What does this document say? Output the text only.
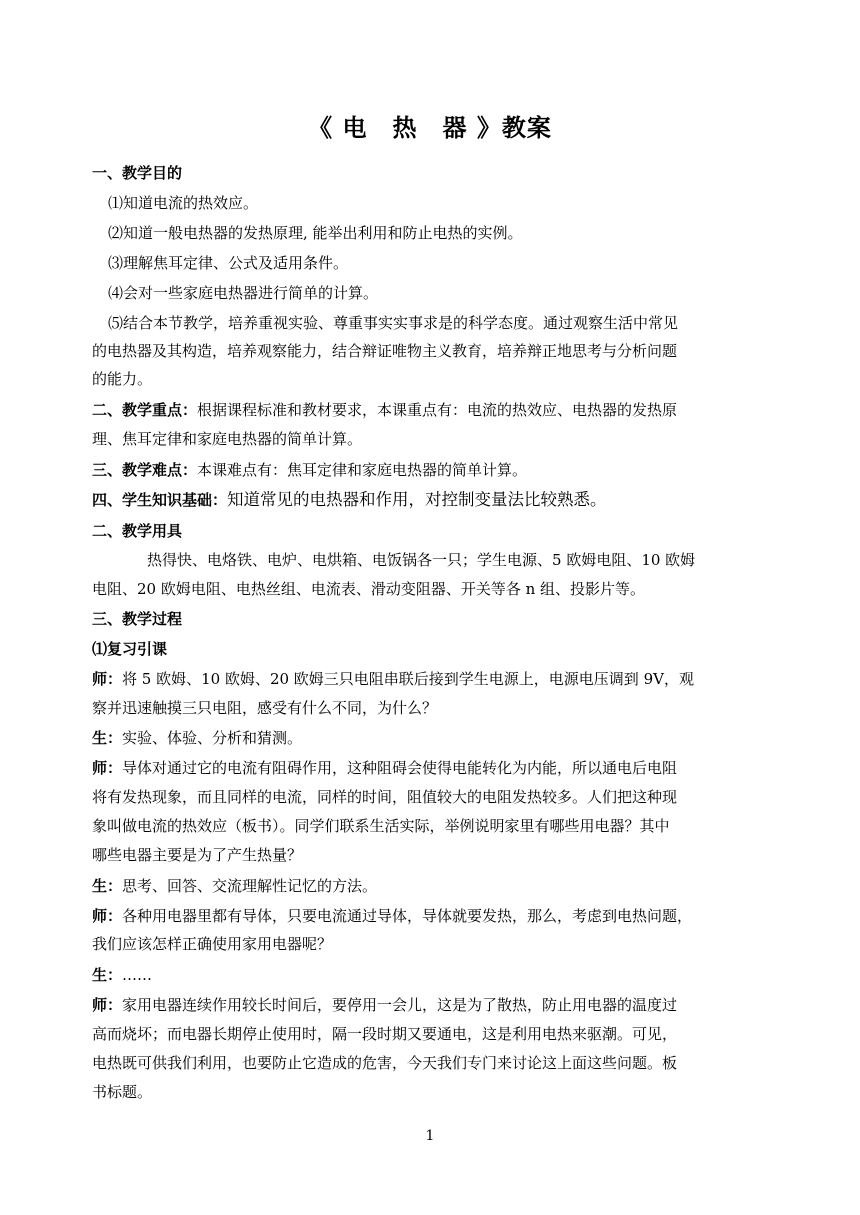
《 电　热　器 》教案
一、教学目的
⑴知道电流的热效应。
⑵知道一般电热器的发热原理, 能举出利用和防止电热的实例。
⑶理解焦耳定律、公式及适用条件。
⑷会对一些家庭电热器进行简单的计算。
⑸结合本节教学，培养重视实验、尊重事实实事求是的科学态度。通过观察生活中常见
的电热器及其构造，培养观察能力，结合辩证唯物主义教育，培养辩正地思考与分析问题
的能力。
二、教学重点：根据课程标准和教材要求，本课重点有：电流的热效应、电热器的发热原
理、焦耳定律和家庭电热器的简单计算。
三、教学难点：本课难点有：焦耳定律和家庭电热器的简单计算。
四、学生知识基础：知道常见的电热器和作用，对控制变量法比较熟悉。
二、教学用具
热得快、电烙铁、电炉、电烘箱、电饭锅各一只；学生电源、5 欧姆电阻、10 欧姆
电阻、20 欧姆电阻、电热丝组、电流表、滑动变阻器、开关等各 n 组、投影片等。
三、教学过程
⑴复习引课
师：将 5 欧姆、10 欧姆、20 欧姆三只电阻串联后接到学生电源上，电源电压调到 9V，观
察并迅速触摸三只电阻，感受有什么不同，为什么？
生：实验、体验、分析和猜测。
师：导体对通过它的电流有阻碍作用，这种阻碍会使得电能转化为内能，所以通电后电阻
将有发热现象，而且同样的电流，同样的时间，阻值较大的电阻发热较多。人们把这种现
象叫做电流的热效应（板书）。同学们联系生活实际，举例说明家里有哪些用电器？其中
哪些电器主要是为了产生热量？
生：思考、回答、交流理解性记忆的方法。
师：各种用电器里都有导体，只要电流通过导体，导体就要发热，那么，考虑到电热问题，
我们应该怎样正确使用家用电器呢？
生：……
师：家用电器连续作用较长时间后，要停用一会儿，这是为了散热，防止用电器的温度过
高而烧坏；而电器长期停止使用时，隔一段时期又要通电，这是利用电热来驱潮。可见，
电热既可供我们利用，也要防止它造成的危害，今天我们专门来讨论这上面这些问题。板
书标题。
1
